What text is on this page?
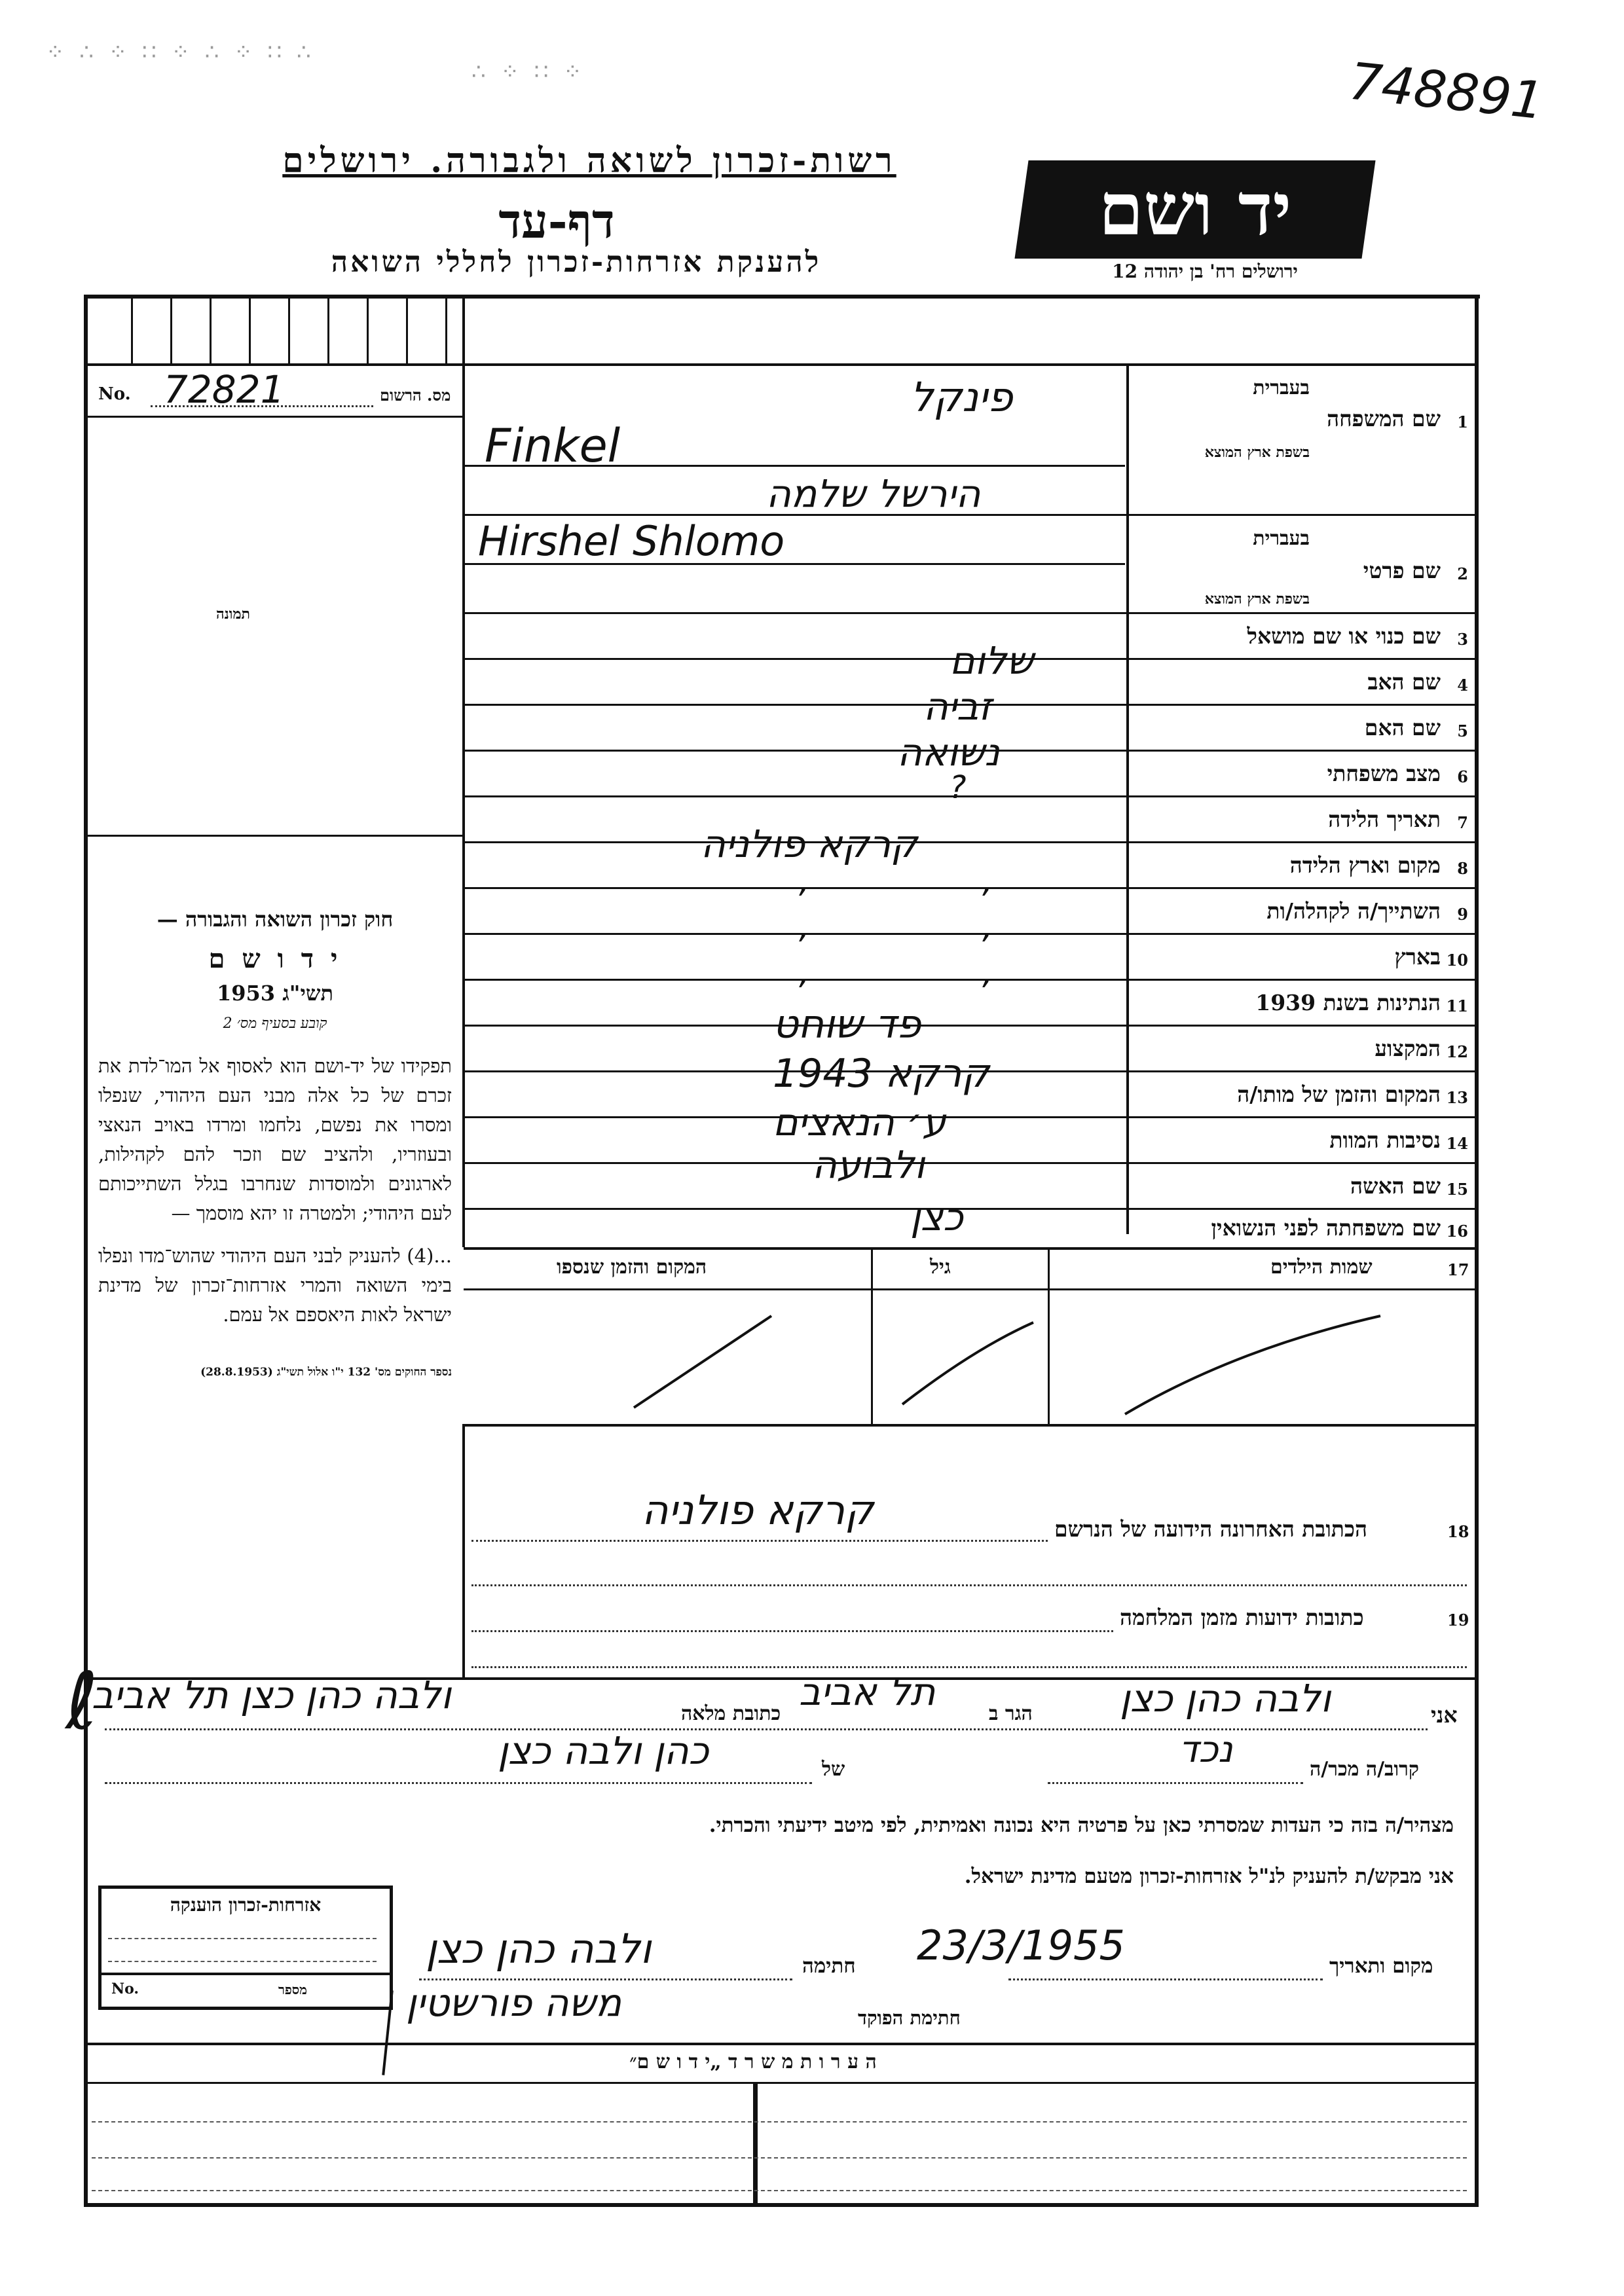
⁘ ∴ ⁘ ∷ ⁘ ∴ ⁘ ∷ ∴
∴ ⁘ ∷ ⁘	748891
רשות-זכרון לשואה ולגבורה. ירושלים
דף-עד
להענקת אזרחות-זכרון לחללי השואה
יד ושם
ירושלים רח' בן יהודה 12
No. 72821	מס. הרשום
תמונה
חוק זכרון השואה והגבורה —
י ד ו ש ם
תשי"ג 1953
קובע בסעיף מס׳ 2
תפקידו של יד-ושם הוא לאסוף אל המו־לדת את זכרם של כל אלה מבני העם היהודי, שנפלו ומסרו את נפשם, נלחמו ומרדו באויב הנאצי ובעוזריו, ולהציב שם וזכר להם לקהילות, לארגונים ולמוסדות שנחרבו בגלל השתייכותם לעם היהודי; ולמטרה זו יהא מוסמך —
...(4) להעניק לבני העם היהודי שהוש־מדו ונפלו בימי השואה והמרי אזרחות־זכרון של מדינת ישראל לאות היאספם אל עמם.
נספר החוקים מס' 132 י"ו אלול תשי"ג (28.8.1953)
1
שם המשפחה
בעברית
בשפת ארץ המוצא
פינקל
Finkel
2
שם פרטי
בעברית
בשפת ארץ המוצא
הירשל שלמה
Hirshel Shlomo
3
שם כנוי או שם מושאל
4
שם האב
שלום
5
שם האם
זביה
6
מצב משפחתי
נשואה
7
תאריך הלידה
?
8
מקום וארץ הלידה
קרקא פולניה
9
השתייך/ה לקהלה/ות
,	,
10
בארץ
,	,
11
הנתינות בשנת 1939
,	,
12
המקצוע
פד שוחט
13
המקום והזמן של מותו/ה
קרקא 1943
14
נסיבות המוות
ע׳ הנאצים
15
שם האשה
ולבועה
16
שם משפחתה לפני הנשואין
כצן
17
שמות הילדים
גיל
המקום והזמן שנספו
18
הכתובת האחרונה הידועה של הנרשם
קרקא פולניה
19
כתובות ידועות מזמן המלחמה
ℓ	אני
ולבה כהן כצן
הגר ב
תל אביב
כתובת מלאה
ולבה כהן כצן תל אביב
קרוב/ה מכר/ה
נכד
של
כהן ולבה כצן
מצהיר/ה בזה כי העדות שמסרתי כאן על פרטיה היא נכונה ואמיתית, לפי מיטב ידיעתי והכרתי.
אני מבקש/ת להעניק לנ"ל אזרחות-זכרון מטעם מדינת ישראל.
אזרחות-זכרון הוענקה
No.	מספר
מקום ותאריך
23/3/1955
חתימה
ולבה כהן כצן
חתימת הפוקד
משה פורשטין
ה ע ר ו ת מ ש ר ד „י ד ו ש ם״
